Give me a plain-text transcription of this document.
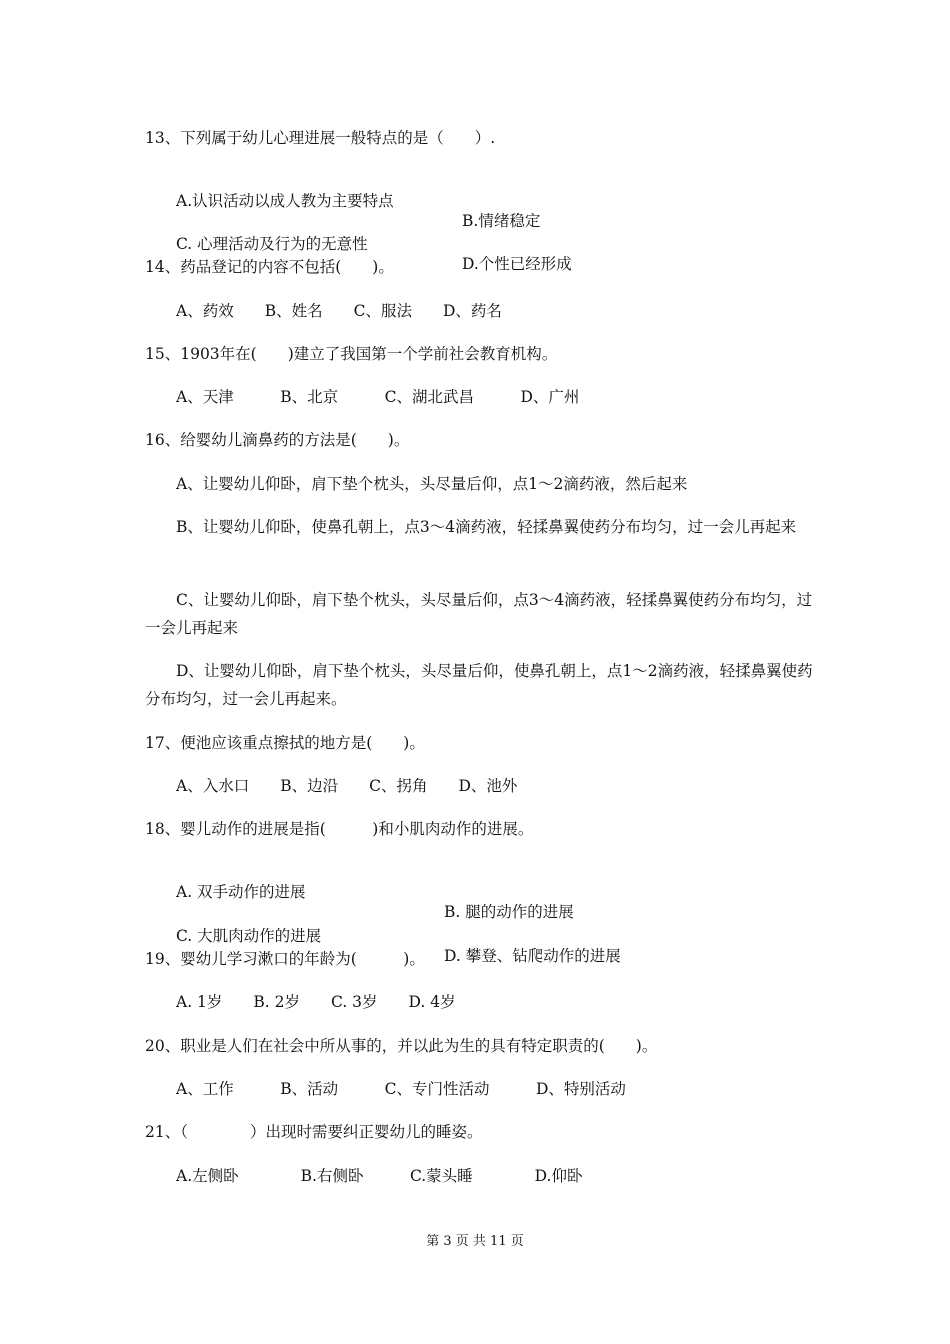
13、下列属于幼儿心理进展一般特点的是（　　）.

A.认识活动以成人教为主要特点

B.情绪稳定

C. 心理活动及行为的无意性

D.个性已经形成

14、药品登记的内容不包括(　　)。
A、药效　　B、姓名　　C、服法　　D、药名
15、1903年在(　　)建立了我国第一个学前社会教育机构。
A、天津　　　B、北京　　　C、湖北武昌　　　D、广州
16、给婴幼儿滴鼻药的方法是(　　)。
A、让婴幼儿仰卧，肩下垫个枕头，头尽量后仰，点1～2滴药液，然后起来
B、让婴幼儿仰卧，使鼻孔朝上，点3～4滴药液，轻揉鼻翼使药分布均匀，过一会儿再起来
C、让婴幼儿仰卧，肩下垫个枕头，头尽量后仰，点3～4滴药液，轻揉鼻翼使药分布均匀，过一会儿再起来
D、让婴幼儿仰卧，肩下垫个枕头，头尽量后仰，使鼻孔朝上，点1～2滴药液，轻揉鼻翼使药分布均匀，过一会儿再起来。
17、便池应该重点擦拭的地方是(　　)。
A、入水口　　B、边沿　　C、拐角　　D、池外
18、婴儿动作的进展是指(　　　)和小肌肉动作的进展。

A. 双手动作的进展

B. 腿的动作的进展

C. 大肌肉动作的进展

D. 攀登、钻爬动作的进展

19、婴幼儿学习漱口的年龄为(　　　)。
A. 1岁　　B. 2岁　　C. 3岁　　D. 4岁
20、职业是人们在社会中所从事的，并以此为生的具有特定职责的(　　)。
A、工作　　　B、活动　　　C、专门性活动　　　D、特别活动
21、（　　　　）出现时需要纠正婴幼儿的睡姿。
A.左侧卧　　　　B.右侧卧　　　C.蒙头睡　　　　D.仰卧
第 3 页 共 11 页
